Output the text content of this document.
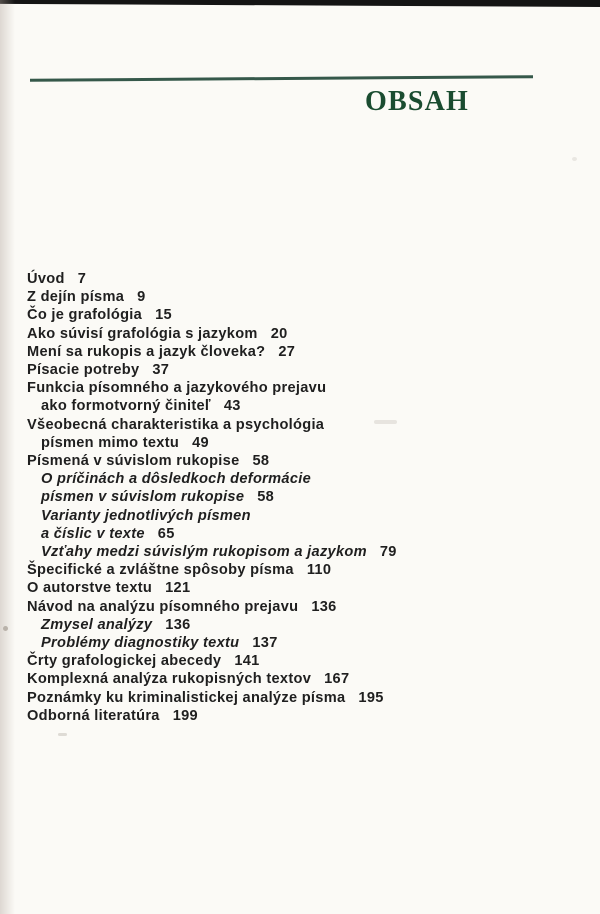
OBSAH
Úvod 7
Z dejín písma 9
Čo je grafológia 15
Ako súvisí grafológia s jazykom 20
Mení sa rukopis a jazyk človeka? 27
Písacie potreby 37
Funkcia písomného a jazykového prejavu
ako formotvorný činiteľ 43
Všeobecná charakteristika a psychológia
písmen mimo textu 49
Písmená v súvislom rukopise 58
O príčinách a dôsledkoch deformácie
písmen v súvislom rukopise 58
Varianty jednotlivých písmen
a číslic v texte 65
Vzťahy medzi súvislým rukopisom a jazykom 79
Špecifické a zvláštne spôsoby písma 110
O autorstve textu 121
Návod na analýzu písomného prejavu 136
Zmysel analýzy 136
Problémy diagnostiky textu 137
Črty grafologickej abecedy 141
Komplexná analýza rukopisných textov 167
Poznámky ku kriminalistickej analýze písma 195
Odborná literatúra 199
